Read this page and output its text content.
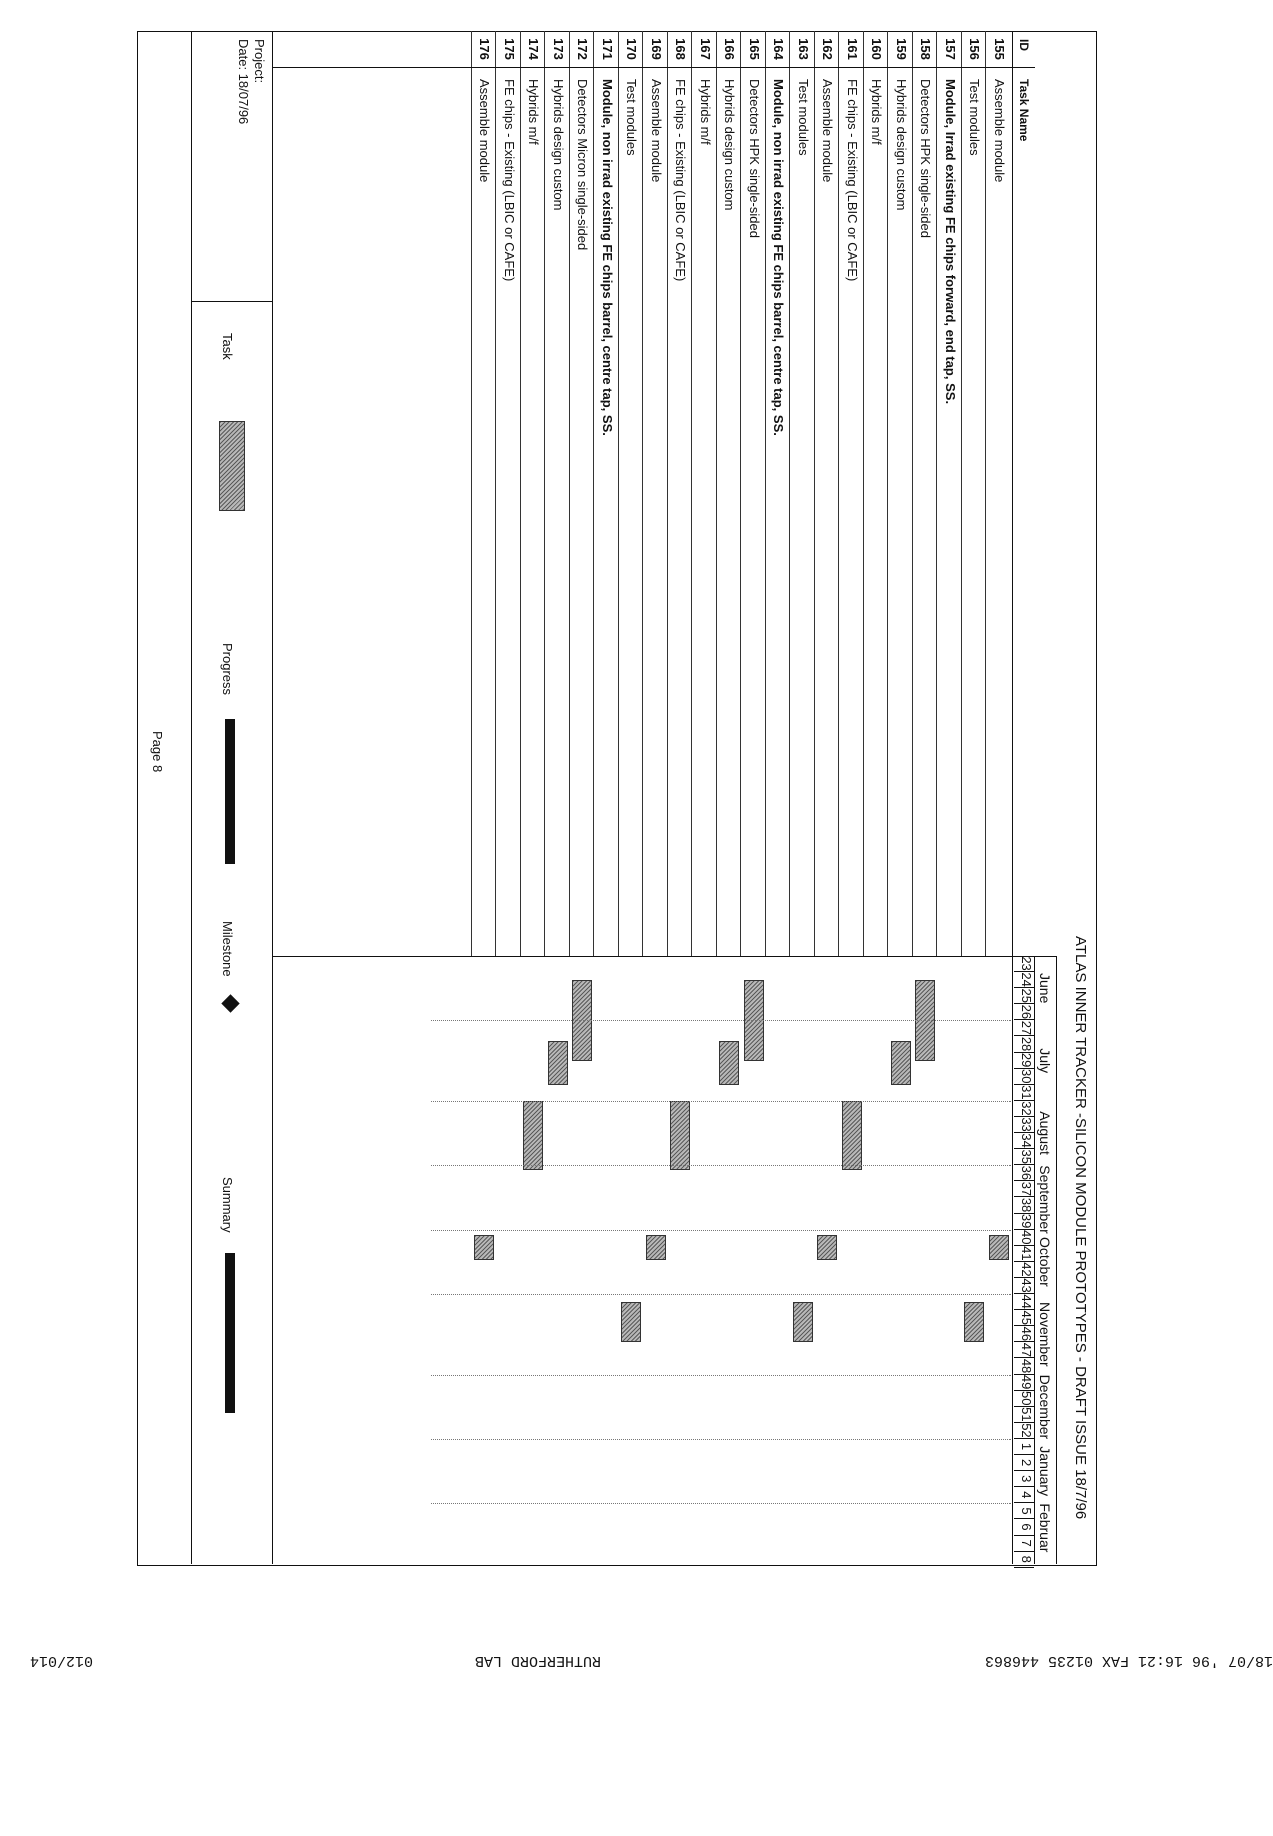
ATLAS INNER TRACKER -SILICON MODULE PROTOTYPES - DRAFT ISSUE 18/7/96
ID
Task Name
June
July
August
September
October
November
December
January
Februar
23
24
25
26
27
28
29
30
31
32
33
34
35
36
37
38
39
40
41
42
43
44
45
46
47
48
49
50
51
52
1
2
3
4
5
6
7
8
155
Assemble module
156
Test modules
157
Module, Irrad existing FE chips forward, end tap, SS.
158
Detectors HPK single-sided
159
Hybrids design custom
160
Hybrids m/f
161
FE chips - Existing (LBIC or CAFE)
162
Assemble module
163
Test modules
164
Module, non irrad existing FE chips barrel, centre tap, SS.
165
Detectors HPK single-sided
166
Hybrids design custom
167
Hybrids m/f
168
FE chips - Existing (LBIC or CAFE)
169
Assemble module
170
Test modules
171
Module, non irrad existing FE chips barrel, centre tap, SS.
172
Detectors Micron single-sided
173
Hybrids design custom
174
Hybrids m/f
175
FE chips - Existing (LBIC or CAFE)
176
Assemble module
Project:
Date: 18/07/96
Task
Progress
Milestone
Summary
Page 8
18/07 '96 16:21 FAX 01235 446863
RUTHERFORD LAB
012/014
